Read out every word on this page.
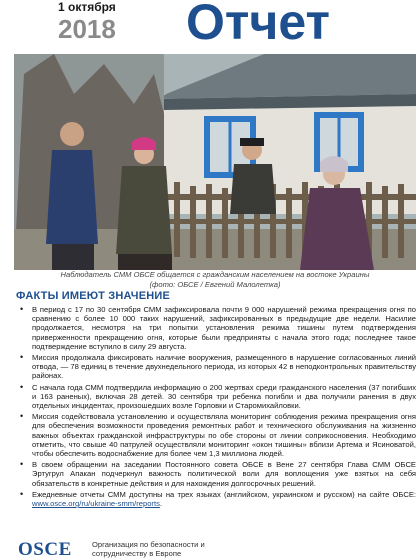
1 октября
2018 Отчет
Наблюдатель СММ ОБСЕ общается с гражданским населением на востоке Украины
(фото: ОБСЕ / Евгений Малолетка)
ФАКТЫ ИМЕЮТ ЗНАЧЕНИЕ
• В период с 17 по 30 сентября СММ зафиксировала почти 9 000 нарушений режима прекращения огня по сравнению с более 10 000 таких нарушений, зафиксированных в предыдущие две недели. Насилие продолжается, несмотря на три попытки установления режима тишины путем подтверждения приверженности прекращению огня, которые были предприняты с начала этого года; последнее такое подтверждение вступило в силу 29 августа.
• Миссия продолжала фиксировать наличие вооружения, размещенного в нарушение согласованных линий отвода, — 78 единиц в течение двухнедельного периода, из которых 42 в неподконтрольных правительству районах.
• С начала года СММ подтвердила информацию о 200 жертвах среди гражданского населения (37 погибших и 163 раненых), включая 28 детей. 30 сентября три ребенка погибли и два получили ранения в двух отдельных инцидентах, произошедших возле Горловки и Старомихайловки.
• Миссия содействовала установлению и осуществляла мониторинг соблюдения режима прекращения огня для обеспечения возможности проведения ремонтных работ и технического обслуживания на жизненно важных объектах гражданской инфраструктуры по обе стороны от линии соприкосновения. Необходимо отметить, что свыше 40 патрулей осуществляли мониторинг «окон тишины» вблизи Артема и Ясиноватой, чтобы обеспечить водоснабжение для более чем 1,3 миллиона людей.
• В своем обращении на заседании Постоянного совета ОБСЕ в Вене 27 сентября Глава СММ ОБСЕ Эртугрул Апакан подчеркнул важность политической воли для воплощения уже взятых на себя обязательств в конкретные действия и для нахождения долгосрочных решений.
• Ежедневные отчеты СММ доступны на трех языках (английском, украинском и русском) на сайте ОБСЕ: www.osce.org/ru/ukraine-smm/reports.
OSCE	Организация по безопасности и
сотрудничеству в Европе
